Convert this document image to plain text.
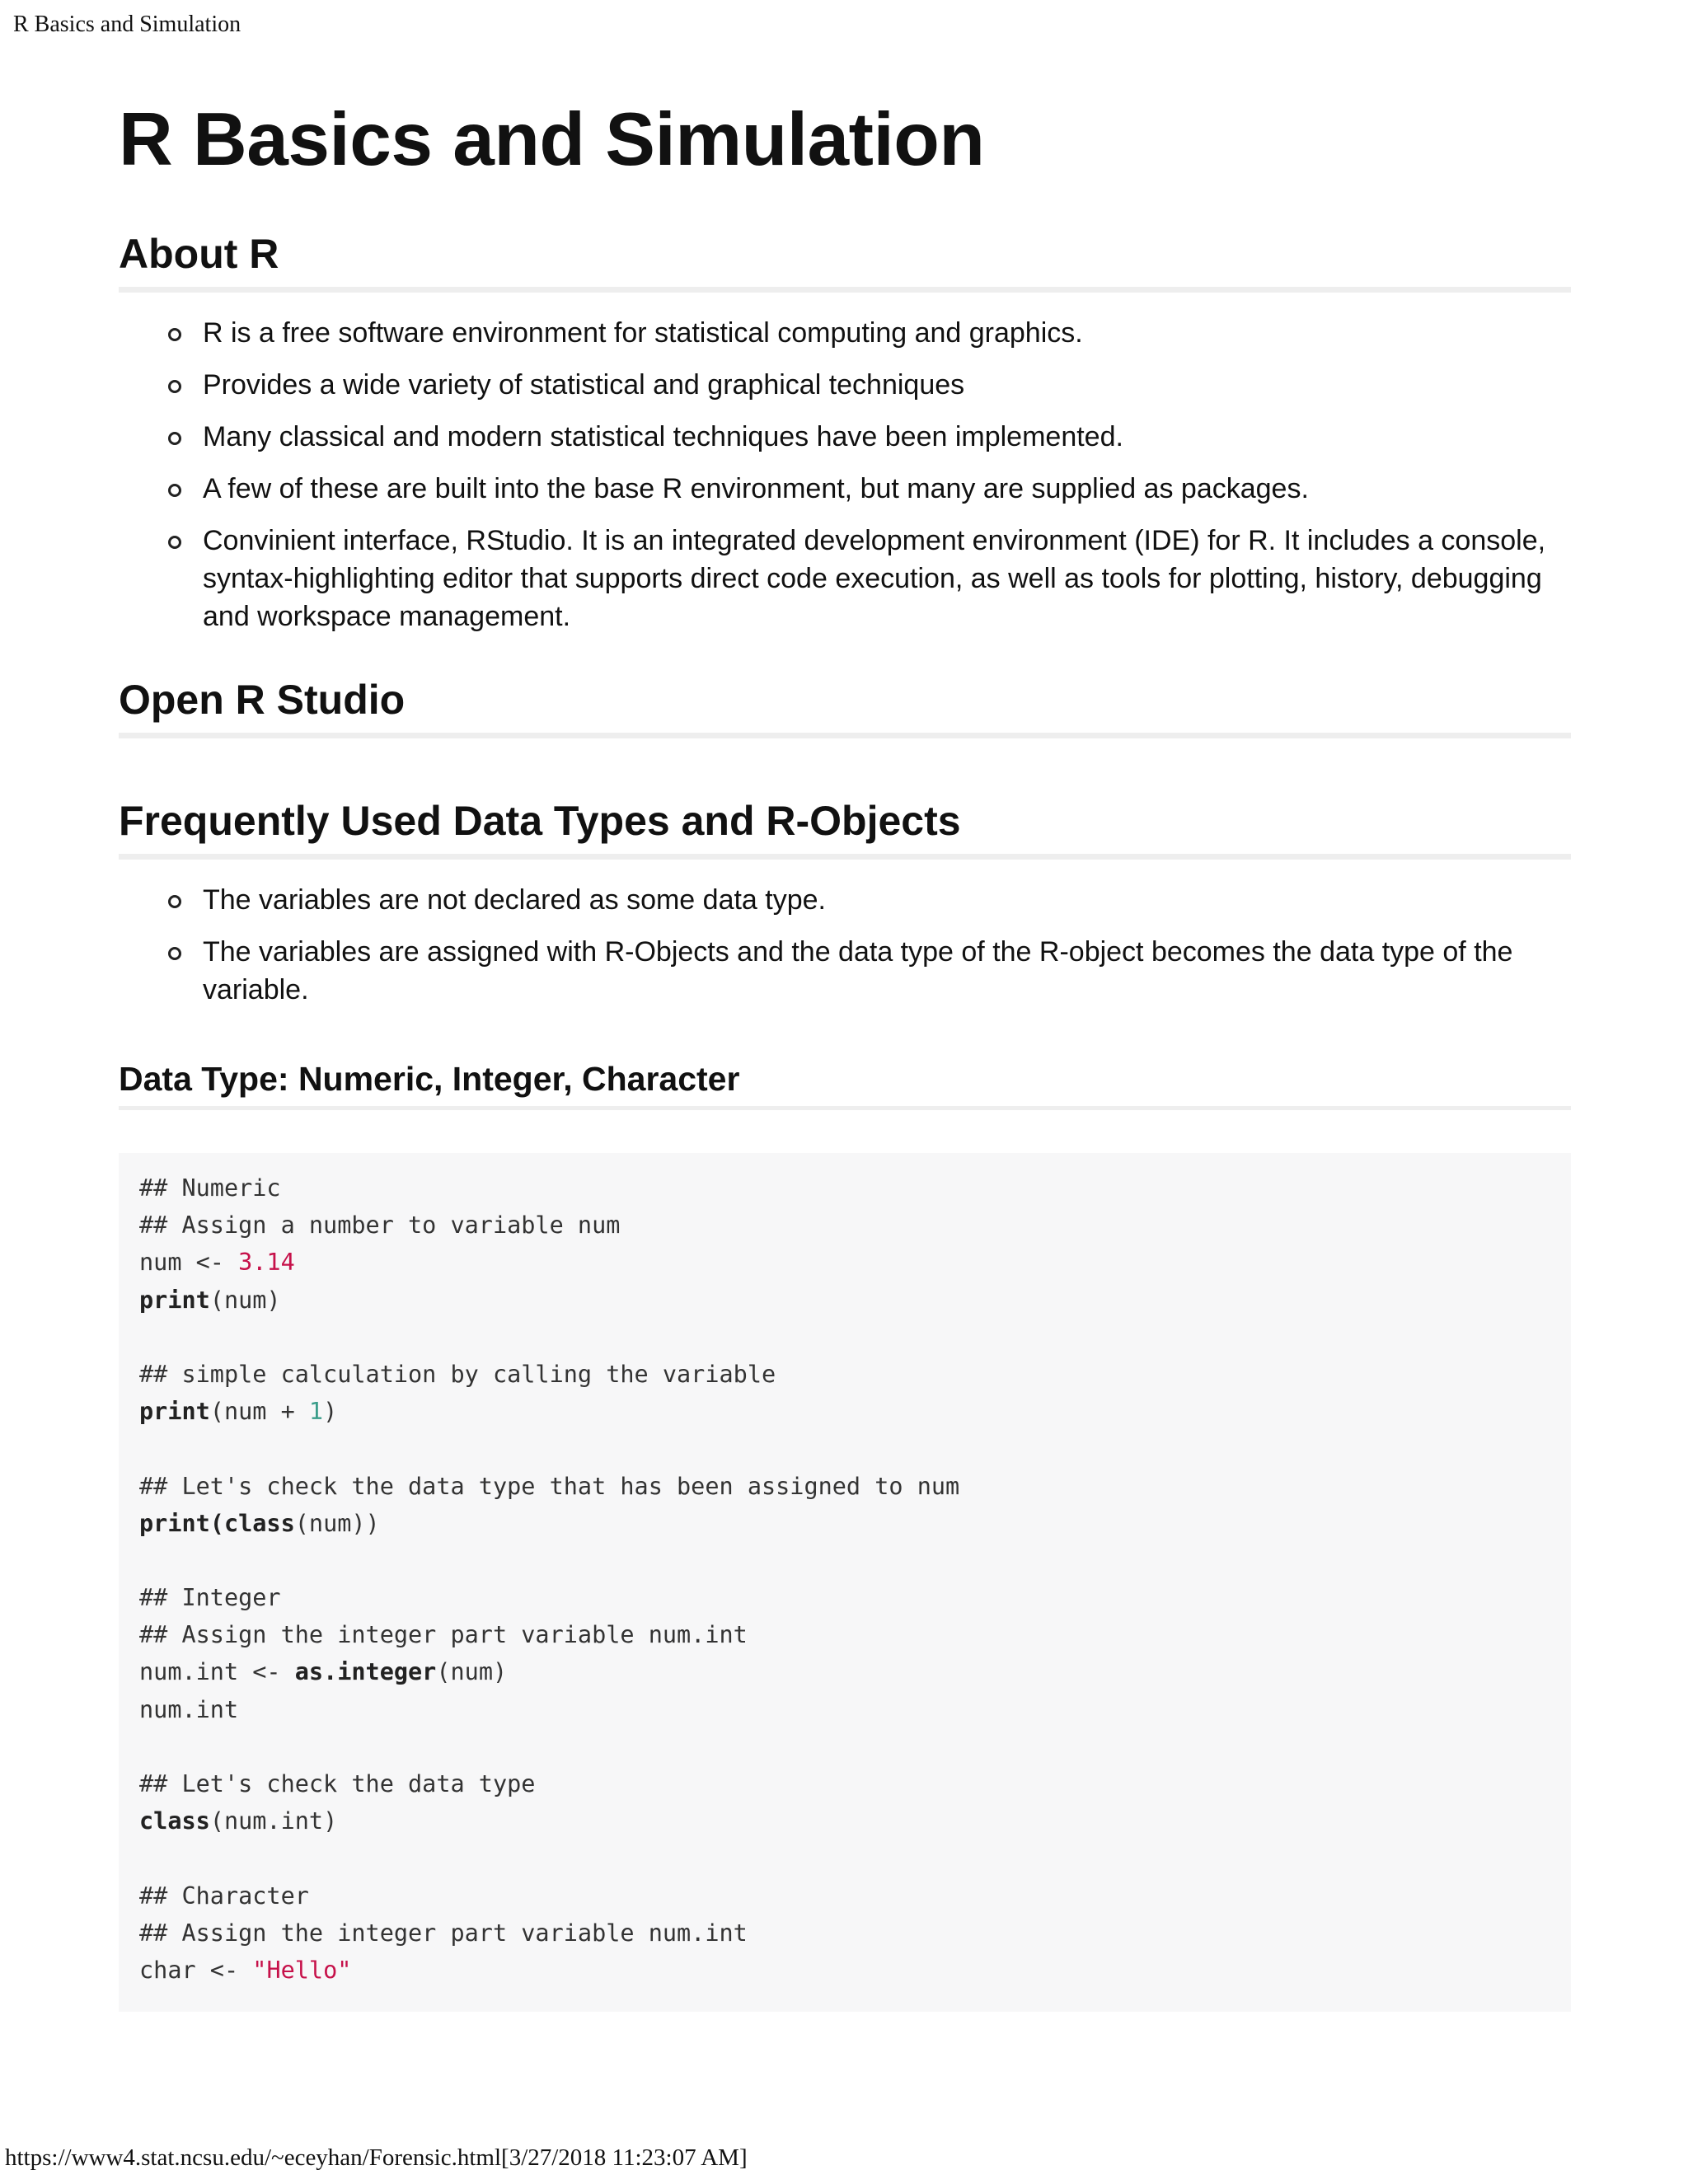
R Basics and Simulation
R Basics and Simulation
About R
R is a free software environment for statistical computing and graphics.
Provides a wide variety of statistical and graphical techniques
Many classical and modern statistical techniques have been implemented.
A few of these are built into the base R environment, but many are supplied as packages.
Convinient interface, RStudio. It is an integrated development environment (IDE) for R. It includes a console, syntax-highlighting editor that supports direct code execution, as well as tools for plotting, history, debugging and workspace management.
Open R Studio
Frequently Used Data Types and R-Objects
The variables are not declared as some data type.
The variables are assigned with R-Objects and the data type of the R-object becomes the data type of the variable.
Data Type: Numeric, Integer, Character
## Numeric
## Assign a number to variable num
num <- 3.14
print(num)
## simple calculation by calling the variable
print(num + 1)
## Let's check the data type that has been assigned to num
print(class(num))
## Integer
## Assign the integer part variable num.int
num.int <- as.integer(num)
num.int
## Let's check the data type
class(num.int)
## Character
## Assign the integer part variable num.int
char <- "Hello"
https://www4.stat.ncsu.edu/~eceyhan/Forensic.html[3/27/2018 11:23:07 AM]
